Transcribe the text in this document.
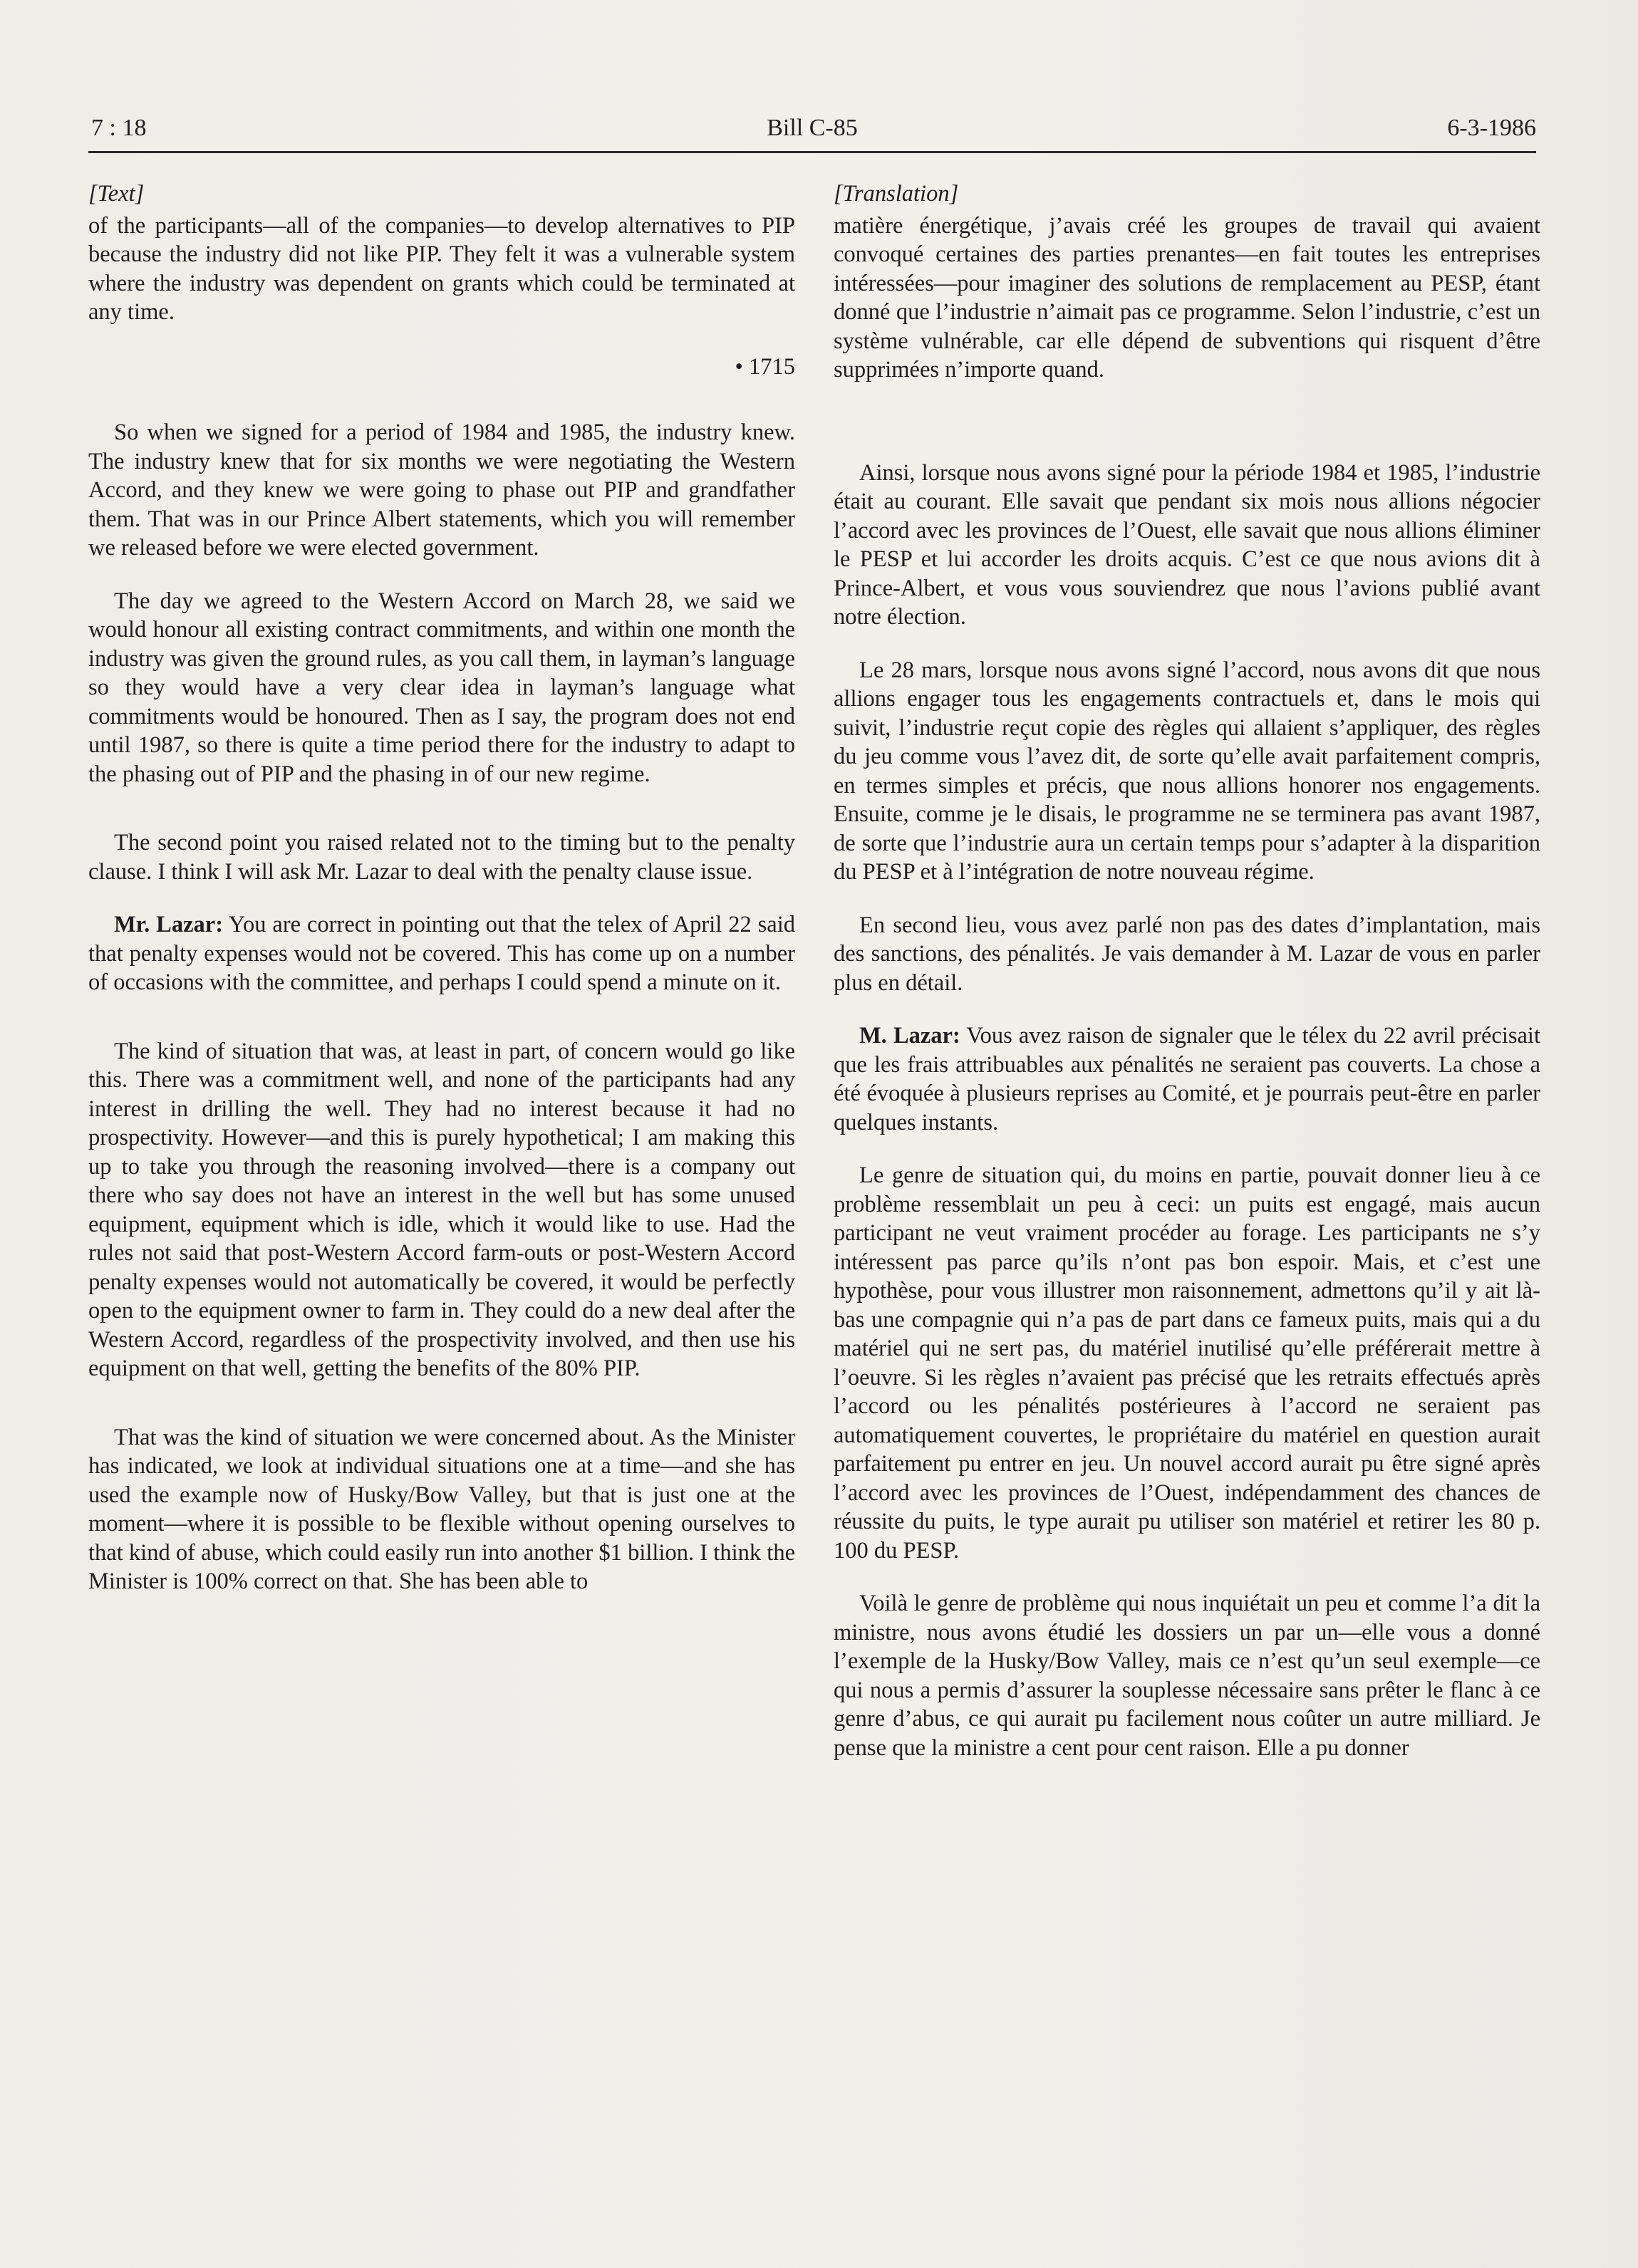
7 : 18	Bill C-85	6-3-1986
[Text]

of the participants—all of the companies—to develop alternatives to PIP because the industry did not like PIP. They felt it was a vulnerable system where the industry was dependent on grants which could be terminated at any time.

• 1715

So when we signed for a period of 1984 and 1985, the industry knew. The industry knew that for six months we were negotiating the Western Accord, and they knew we were going to phase out PIP and grandfather them. That was in our Prince Albert statements, which you will remember we released before we were elected government.

The day we agreed to the Western Accord on March 28, we said we would honour all existing contract commitments, and within one month the industry was given the ground rules, as you call them, in layman’s language so they would have a very clear idea in layman’s language what commitments would be honoured. Then as I say, the program does not end until 1987, so there is quite a time period there for the industry to adapt to the phasing out of PIP and the phasing in of our new regime.

The second point you raised related not to the timing but to the penalty clause. I think I will ask Mr. Lazar to deal with the penalty clause issue.

Mr. Lazar: You are correct in pointing out that the telex of April 22 said that penalty expenses would not be covered. This has come up on a number of occasions with the committee, and perhaps I could spend a minute on it.

The kind of situation that was, at least in part, of concern would go like this. There was a commitment well, and none of the participants had any interest in drilling the well. They had no interest because it had no prospectivity. However—and this is purely hypothetical; I am making this up to take you through the reasoning involved—there is a company out there who say does not have an interest in the well but has some unused equipment, equipment which is idle, which it would like to use. Had the rules not said that post-Western Accord farm-outs or post-Western Accord penalty expenses would not automatically be covered, it would be perfectly open to the equipment owner to farm in. They could do a new deal after the Western Accord, regardless of the prospectivity involved, and then use his equipment on that well, getting the benefits of the 80% PIP.

That was the kind of situation we were concerned about. As the Minister has indicated, we look at individual situations one at a time—and she has used the example now of Husky/Bow Valley, but that is just one at the moment—where it is possible to be flexible without opening ourselves to that kind of abuse, which could easily run into another $1 billion. I think the Minister is 100% correct on that. She has been able to

[Translation]

matière énergétique, j’avais créé les groupes de travail qui avaient convoqué certaines des parties prenantes—en fait toutes les entreprises intéressées—pour imaginer des solutions de remplacement au PESP, étant donné que l’industrie n’aimait pas ce programme. Selon l’industrie, c’est un système vulnérable, car elle dépend de subventions qui risquent d’être supprimées n’importe quand.

Ainsi, lorsque nous avons signé pour la période 1984 et 1985, l’industrie était au courant. Elle savait que pendant six mois nous allions négocier l’accord avec les provinces de l’Ouest, elle savait que nous allions éliminer le PESP et lui accorder les droits acquis. C’est ce que nous avions dit à Prince-Albert, et vous vous souviendrez que nous l’avions publié avant notre élection.

Le 28 mars, lorsque nous avons signé l’accord, nous avons dit que nous allions engager tous les engagements contractuels et, dans le mois qui suivit, l’industrie reçut copie des règles qui allaient s’appliquer, des règles du jeu comme vous l’avez dit, de sorte qu’elle avait parfaitement compris, en termes simples et précis, que nous allions honorer nos engagements. Ensuite, comme je le disais, le programme ne se terminera pas avant 1987, de sorte que l’industrie aura un certain temps pour s’adapter à la disparition du PESP et à l’intégration de notre nouveau régime.

En second lieu, vous avez parlé non pas des dates d’implantation, mais des sanctions, des pénalités. Je vais demander à M. Lazar de vous en parler plus en détail.

M. Lazar: Vous avez raison de signaler que le télex du 22 avril précisait que les frais attribuables aux pénalités ne seraient pas couverts. La chose a été évoquée à plusieurs reprises au Comité, et je pourrais peut-être en parler quelques instants.

Le genre de situation qui, du moins en partie, pouvait donner lieu à ce problème ressemblait un peu à ceci: un puits est engagé, mais aucun participant ne veut vraiment procéder au forage. Les participants ne s’y intéressent pas parce qu’ils n’ont pas bon espoir. Mais, et c’est une hypothèse, pour vous illustrer mon raisonnement, admettons qu’il y ait là-bas une compagnie qui n’a pas de part dans ce fameux puits, mais qui a du matériel qui ne sert pas, du matériel inutilisé qu’elle préférerait mettre à l’oeuvre. Si les règles n’avaient pas précisé que les retraits effectués après l’accord ou les pénalités postérieures à l’accord ne seraient pas automatiquement couvertes, le propriétaire du matériel en question aurait parfaitement pu entrer en jeu. Un nouvel accord aurait pu être signé après l’accord avec les provinces de l’Ouest, indépendamment des chances de réussite du puits, le type aurait pu utiliser son matériel et retirer les 80 p. 100 du PESP.

Voilà le genre de problème qui nous inquiétait un peu et comme l’a dit la ministre, nous avons étudié les dossiers un par un—elle vous a donné l’exemple de la Husky/Bow Valley, mais ce n’est qu’un seul exemple—ce qui nous a permis d’assurer la souplesse nécessaire sans prêter le flanc à ce genre d’abus, ce qui aurait pu facilement nous coûter un autre milliard. Je pense que la ministre a cent pour cent raison. Elle a pu donner
